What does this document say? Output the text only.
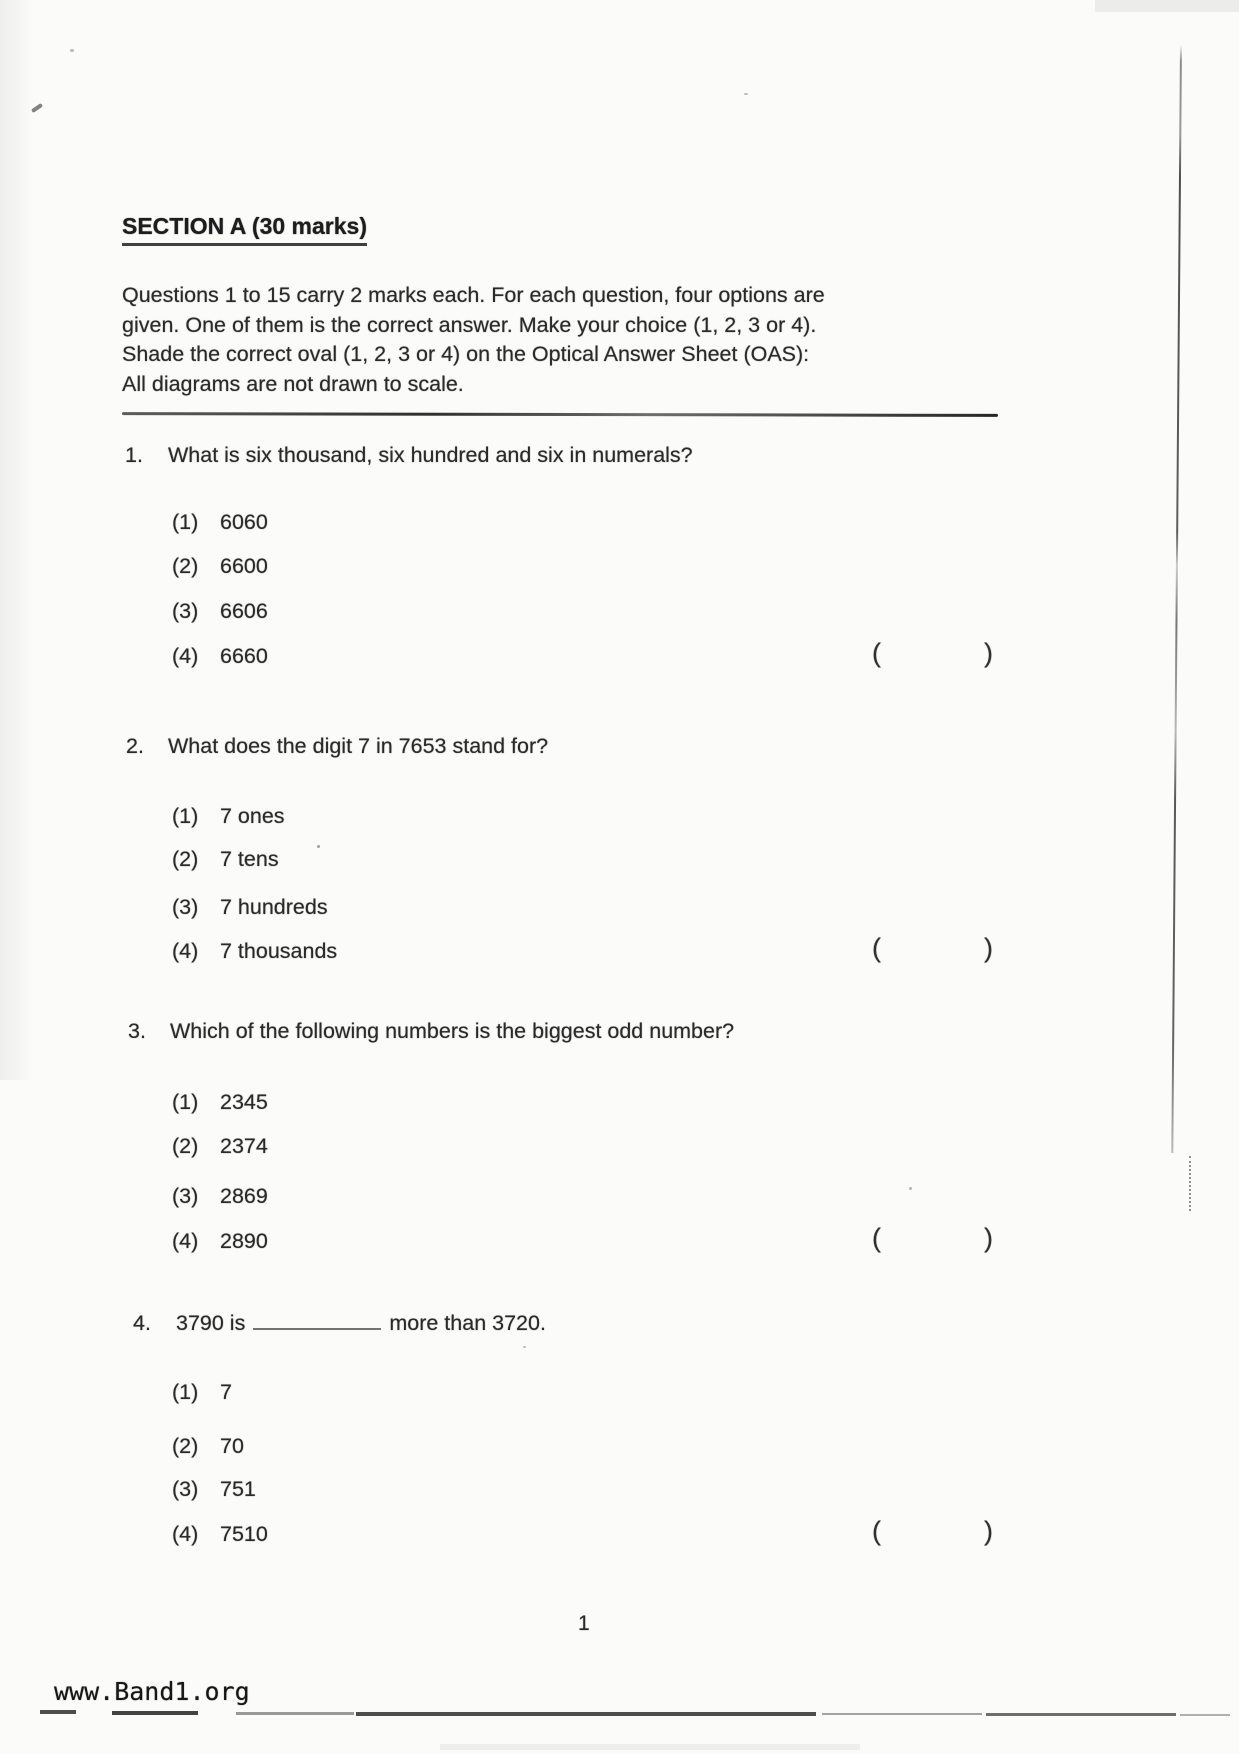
SECTION A (30 marks)
Questions 1 to 15 carry 2 marks each. For each question, four options are
given. One of them is the correct answer. Make your choice (1, 2, 3 or 4).
Shade the correct oval (1, 2, 3 or 4) on the Optical Answer Sheet (OAS):
All diagrams are not drawn to scale.
1. What is six thousand, six hundred and six in numerals?
(1) 6060
(2) 6600
(3) 6606
(4) 6660	(	)
2. What does the digit 7 in 7653 stand for?
(1) 7 ones
(2) 7 tens
(3) 7 hundreds
(4) 7 thousands	(	)
3. Which of the following numbers is the biggest odd number?
(1) 2345
(2) 2374
(3) 2869
(4) 2890	(	)
4. 3790 is	more than 3720.
(1) 7
(2) 70
(3) 751
(4) 7510	(	)
1
www.Band1.org
